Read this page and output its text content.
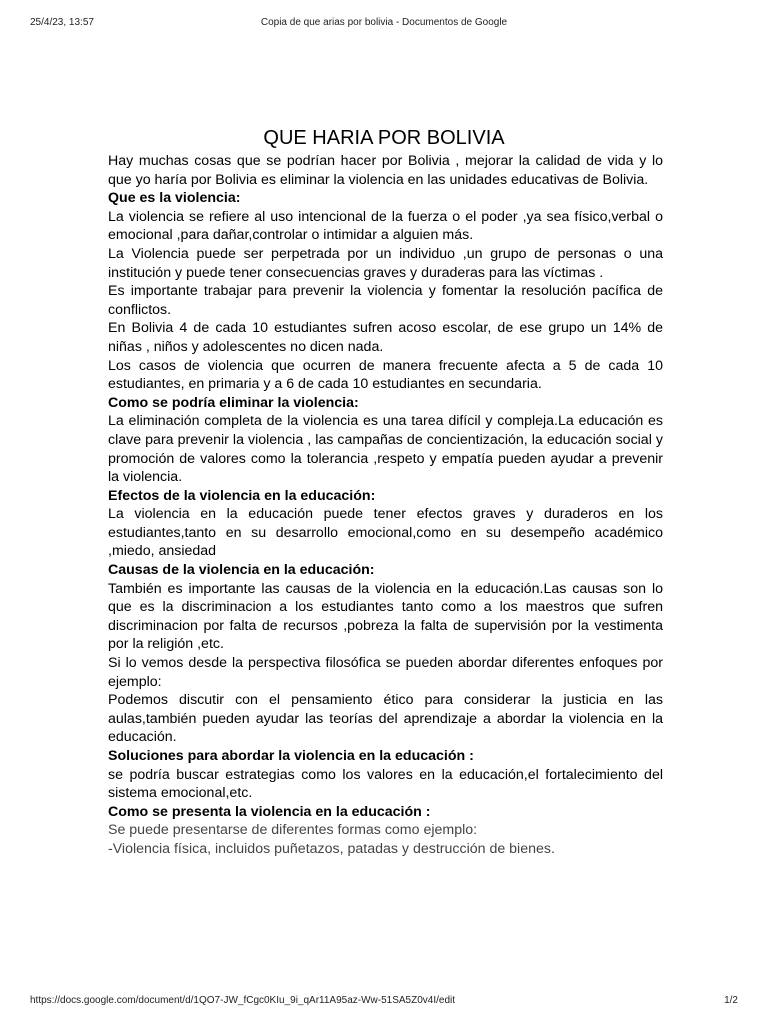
25/4/23, 13:57	Copia de que arias por bolivia - Documentos de Google
QUE HARIA POR BOLIVIA

Hay muchas cosas que se podrían hacer por Bolivia , mejorar la calidad de vida y lo que yo haría por Bolivia es eliminar la violencia en las unidades educativas de Bolivia.

Que es la violencia:

La violencia se refiere al uso intencional de la fuerza o el poder ,ya sea físico,verbal o emocional ,para dañar,controlar o intimidar a alguien más.

La Violencia puede ser perpetrada por un individuo ,un grupo de personas o una institución y puede tener consecuencias graves y duraderas para las víctimas .

Es importante trabajar para prevenir la violencia y fomentar la resolución pacífica de conflictos.

En Bolivia 4 de cada 10 estudiantes sufren acoso escolar, de ese grupo un 14% de niñas , niños y adolescentes no dicen nada.

Los casos de violencia que ocurren de manera frecuente afecta a 5 de cada 10 estudiantes, en primaria y a 6 de cada 10 estudiantes en secundaria.

Como se podría eliminar la violencia:

La eliminación completa de la violencia es una tarea difícil y compleja.La educación es clave para prevenir la violencia , las campañas de concientización, la educación social y promoción de valores como la tolerancia ,respeto y empatía pueden ayudar a prevenir la violencia.

Efectos de la violencia en la educación:

La violencia en la educación puede tener efectos graves y duraderos en los estudiantes,tanto en su desarrollo emocional,como en su desempeño académico ,miedo, ansiedad

Causas de la violencia en la educación:

También es importante las causas de la violencia en la educación.Las causas son lo que es la discriminacion a los estudiantes tanto como a los maestros que sufren discriminacion por falta de recursos ,pobreza la falta de supervisión por la vestimenta por la religión ,etc.

Si lo vemos desde la perspectiva filosófica se pueden abordar diferentes enfoques por ejemplo:

Podemos discutir con el pensamiento ético para considerar la justicia en las aulas,también pueden ayudar las teorías del aprendizaje a abordar la violencia en la educación.

Soluciones para abordar la violencia en la educación :

se podría buscar estrategias como los valores en la educación,el fortalecimiento del sistema emocional,etc.

Como se presenta la violencia en la educación :

Se puede presentarse de diferentes formas como ejemplo:

-Violencia física, incluidos puñetazos, patadas y destrucción de bienes.

https://docs.google.com/document/d/1QO7-JW_fCgc0KIu_9i_qAr11A95az-Ww-51SA5Z0v4I/edit	1/2
